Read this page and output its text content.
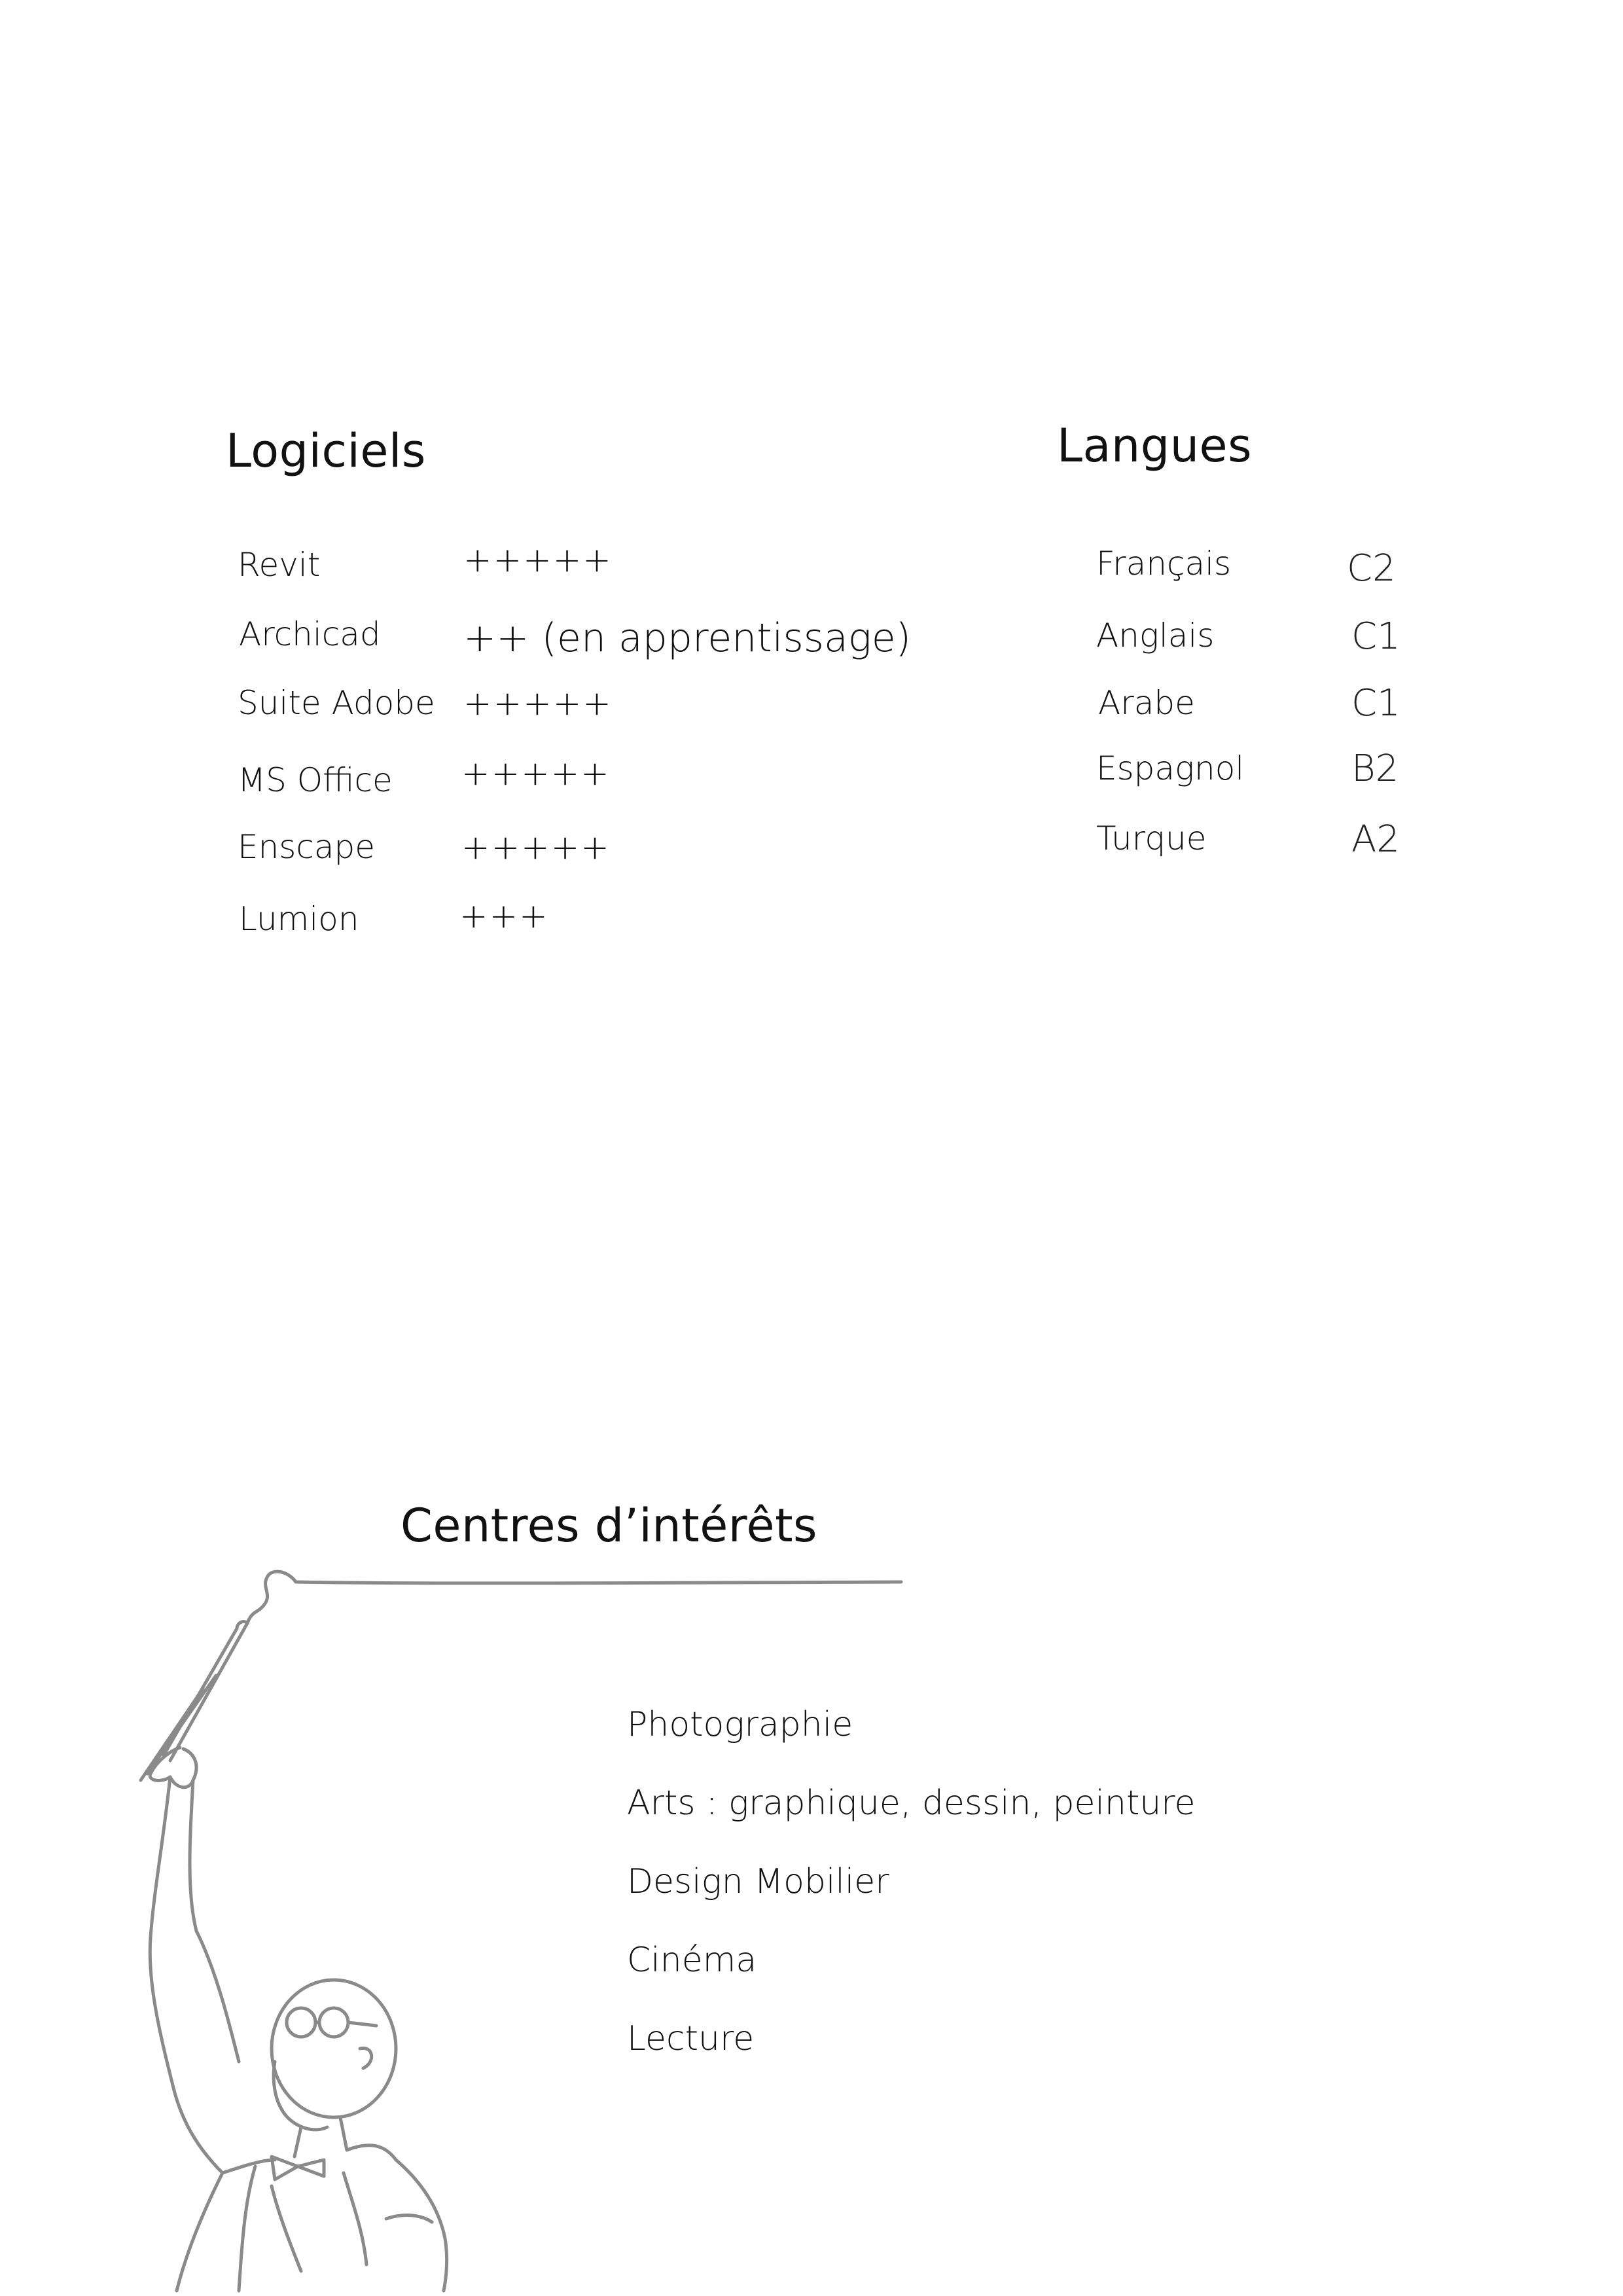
Logiciels
Revit	+++++
Archicad ++ (en apprentissage)
Suite Adobe +++++
MS Office +++++
Enscape	+++++
Lumion	+++
Langues
Français	C2
Anglais	C1
Arabe	C1
Espagnol	B2
Turque	A2
Centres d’intérêts
Photographie
Arts : graphique, dessin, peinture
Design Mobilier
Cinéma
Lecture
